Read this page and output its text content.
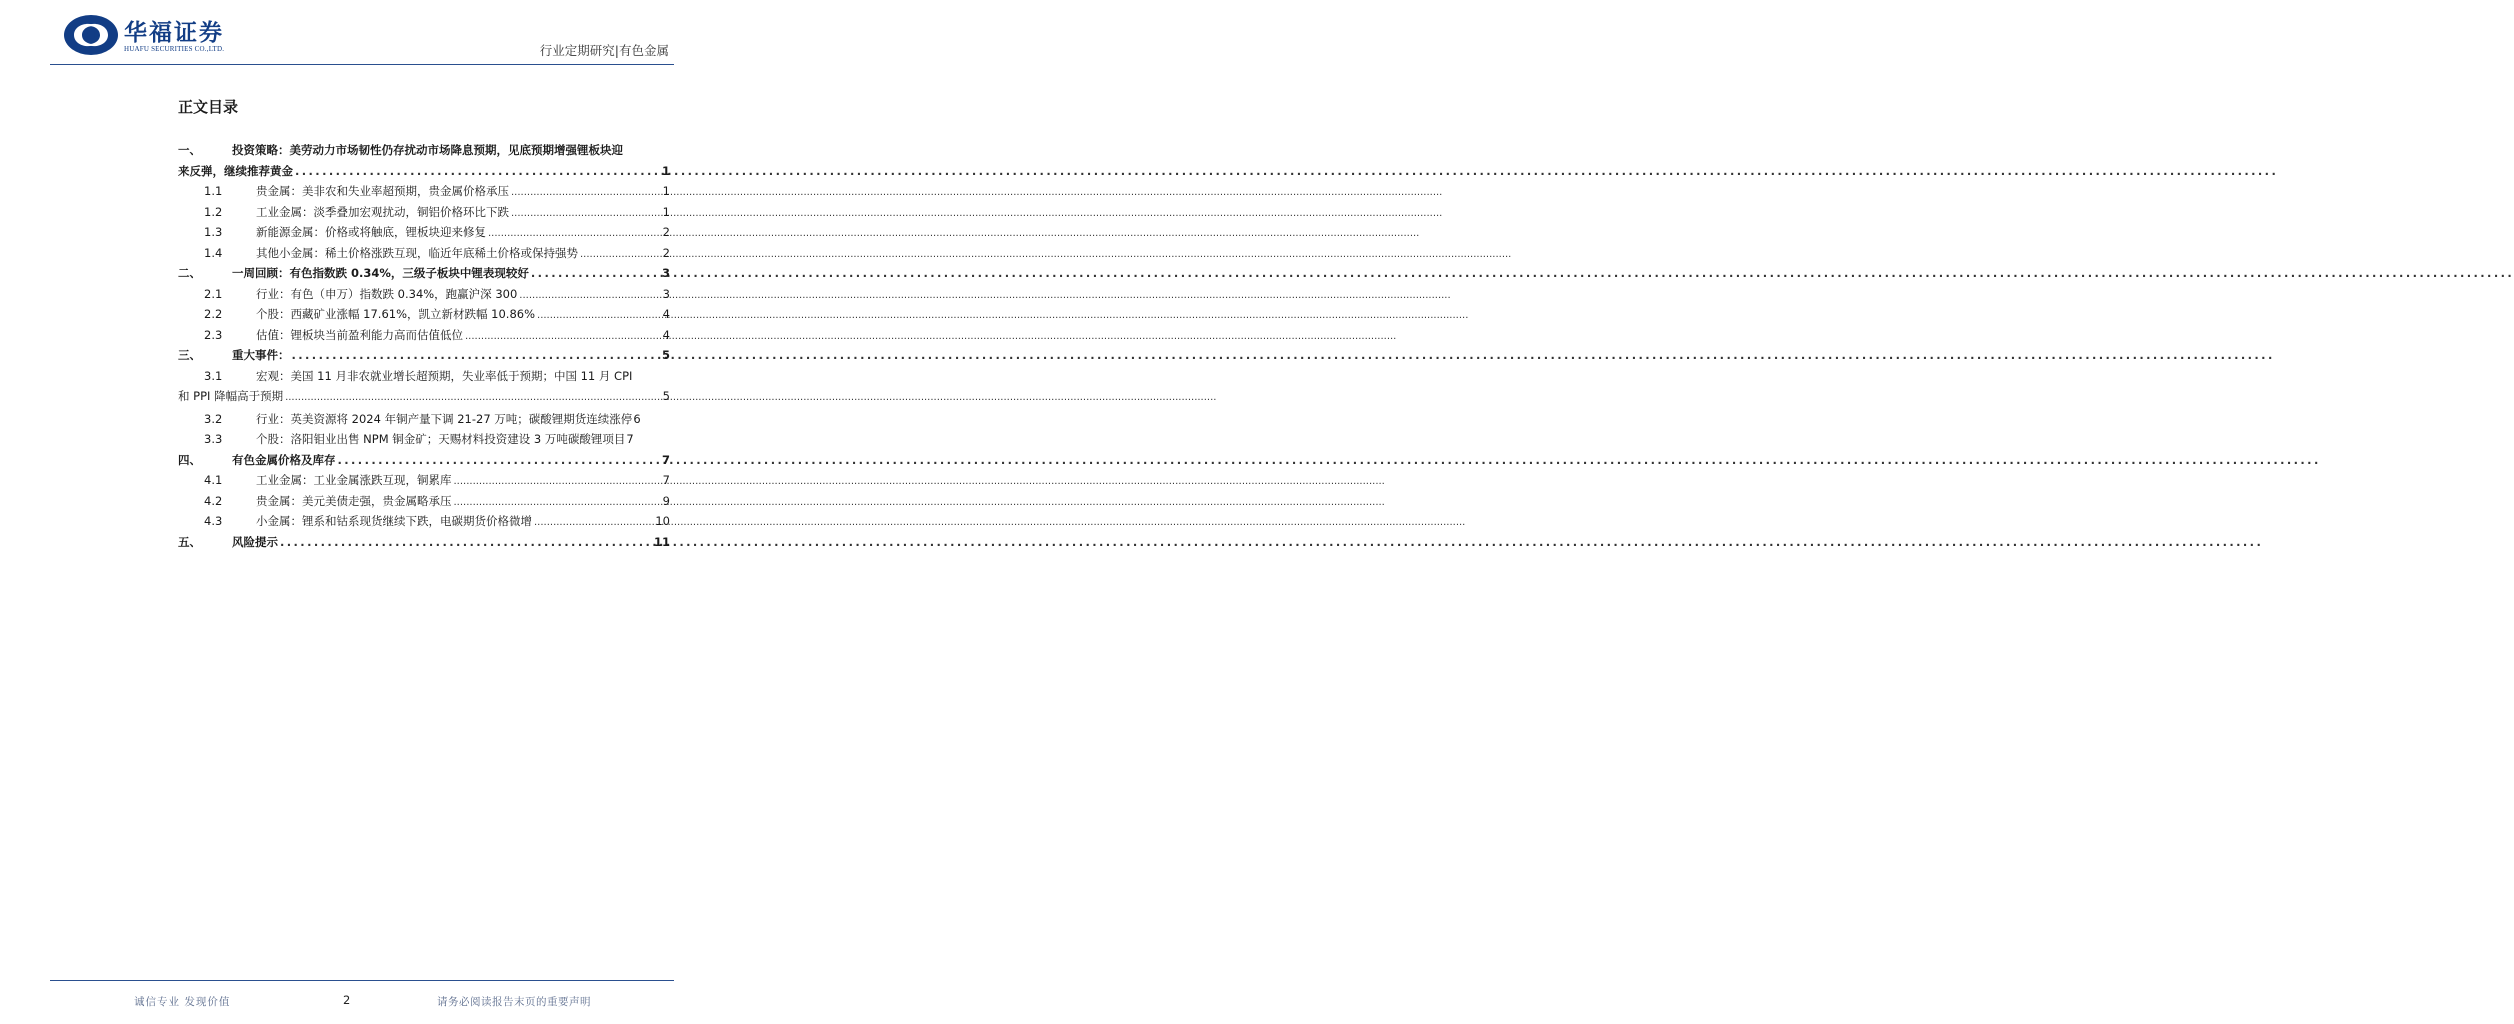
华福证券
HUAFU SECURITIES CO.,LTD.	行业定期研究|有色金属
正文目录
一、	投资策略：美劳动力市场韧性仍存扰动市场降息预期，见底预期增强锂板块迎
来反弹，继续推荐黄金 .....	1
1.1	贵金属：美非农和失业率超预期，贵金属价格承压 .....	1
1.2	工业金属：淡季叠加宏观扰动，铜铝价格环比下跌 .....	1
1.3	新能源金属：价格或将触底，锂板块迎来修复 .....	2
1.4	其他小金属：稀土价格涨跌互现，临近年底稀土价格或保持强势 .....	2
二、	一周回顾：有色指数跌 0.34%，三级子板块中锂表现较好 .....	3
2.1	行业：有色（申万）指数跌 0.34%，跑赢沪深 300 .....	3
2.2	个股：西藏矿业涨幅 17.61%，凯立新材跌幅 10.86% .....	4
2.3	估值：锂板块当前盈利能力高而估值低位 .....	4
三、	重大事件： .....	5
3.1	宏观：美国 11 月非农就业增长超预期，失业率低于预期；中国 11 月 CPI
和 PPI 降幅高于预期 .....	5
3.2	行业：英美资源将 2024 年铜产量下调 21-27 万吨；碳酸锂期货连续涨停 6
3.3	个股：洛阳钼业出售 NPM 铜金矿；天赐材料投资建设 3 万吨碳酸锂项目 7
四、	有色金属价格及库存 .....	7
4.1	工业金属：工业金属涨跌互现，铜累库 .....	7
4.2	贵金属：美元美债走强，贵金属略承压 .....	9
4.3	小金属：锂系和钴系现货继续下跌，电碳期货价格微增 .....	10
五、	风险提示 .....	11
诚信专业 发现价值	2	请务必阅读报告末页的重要声明
